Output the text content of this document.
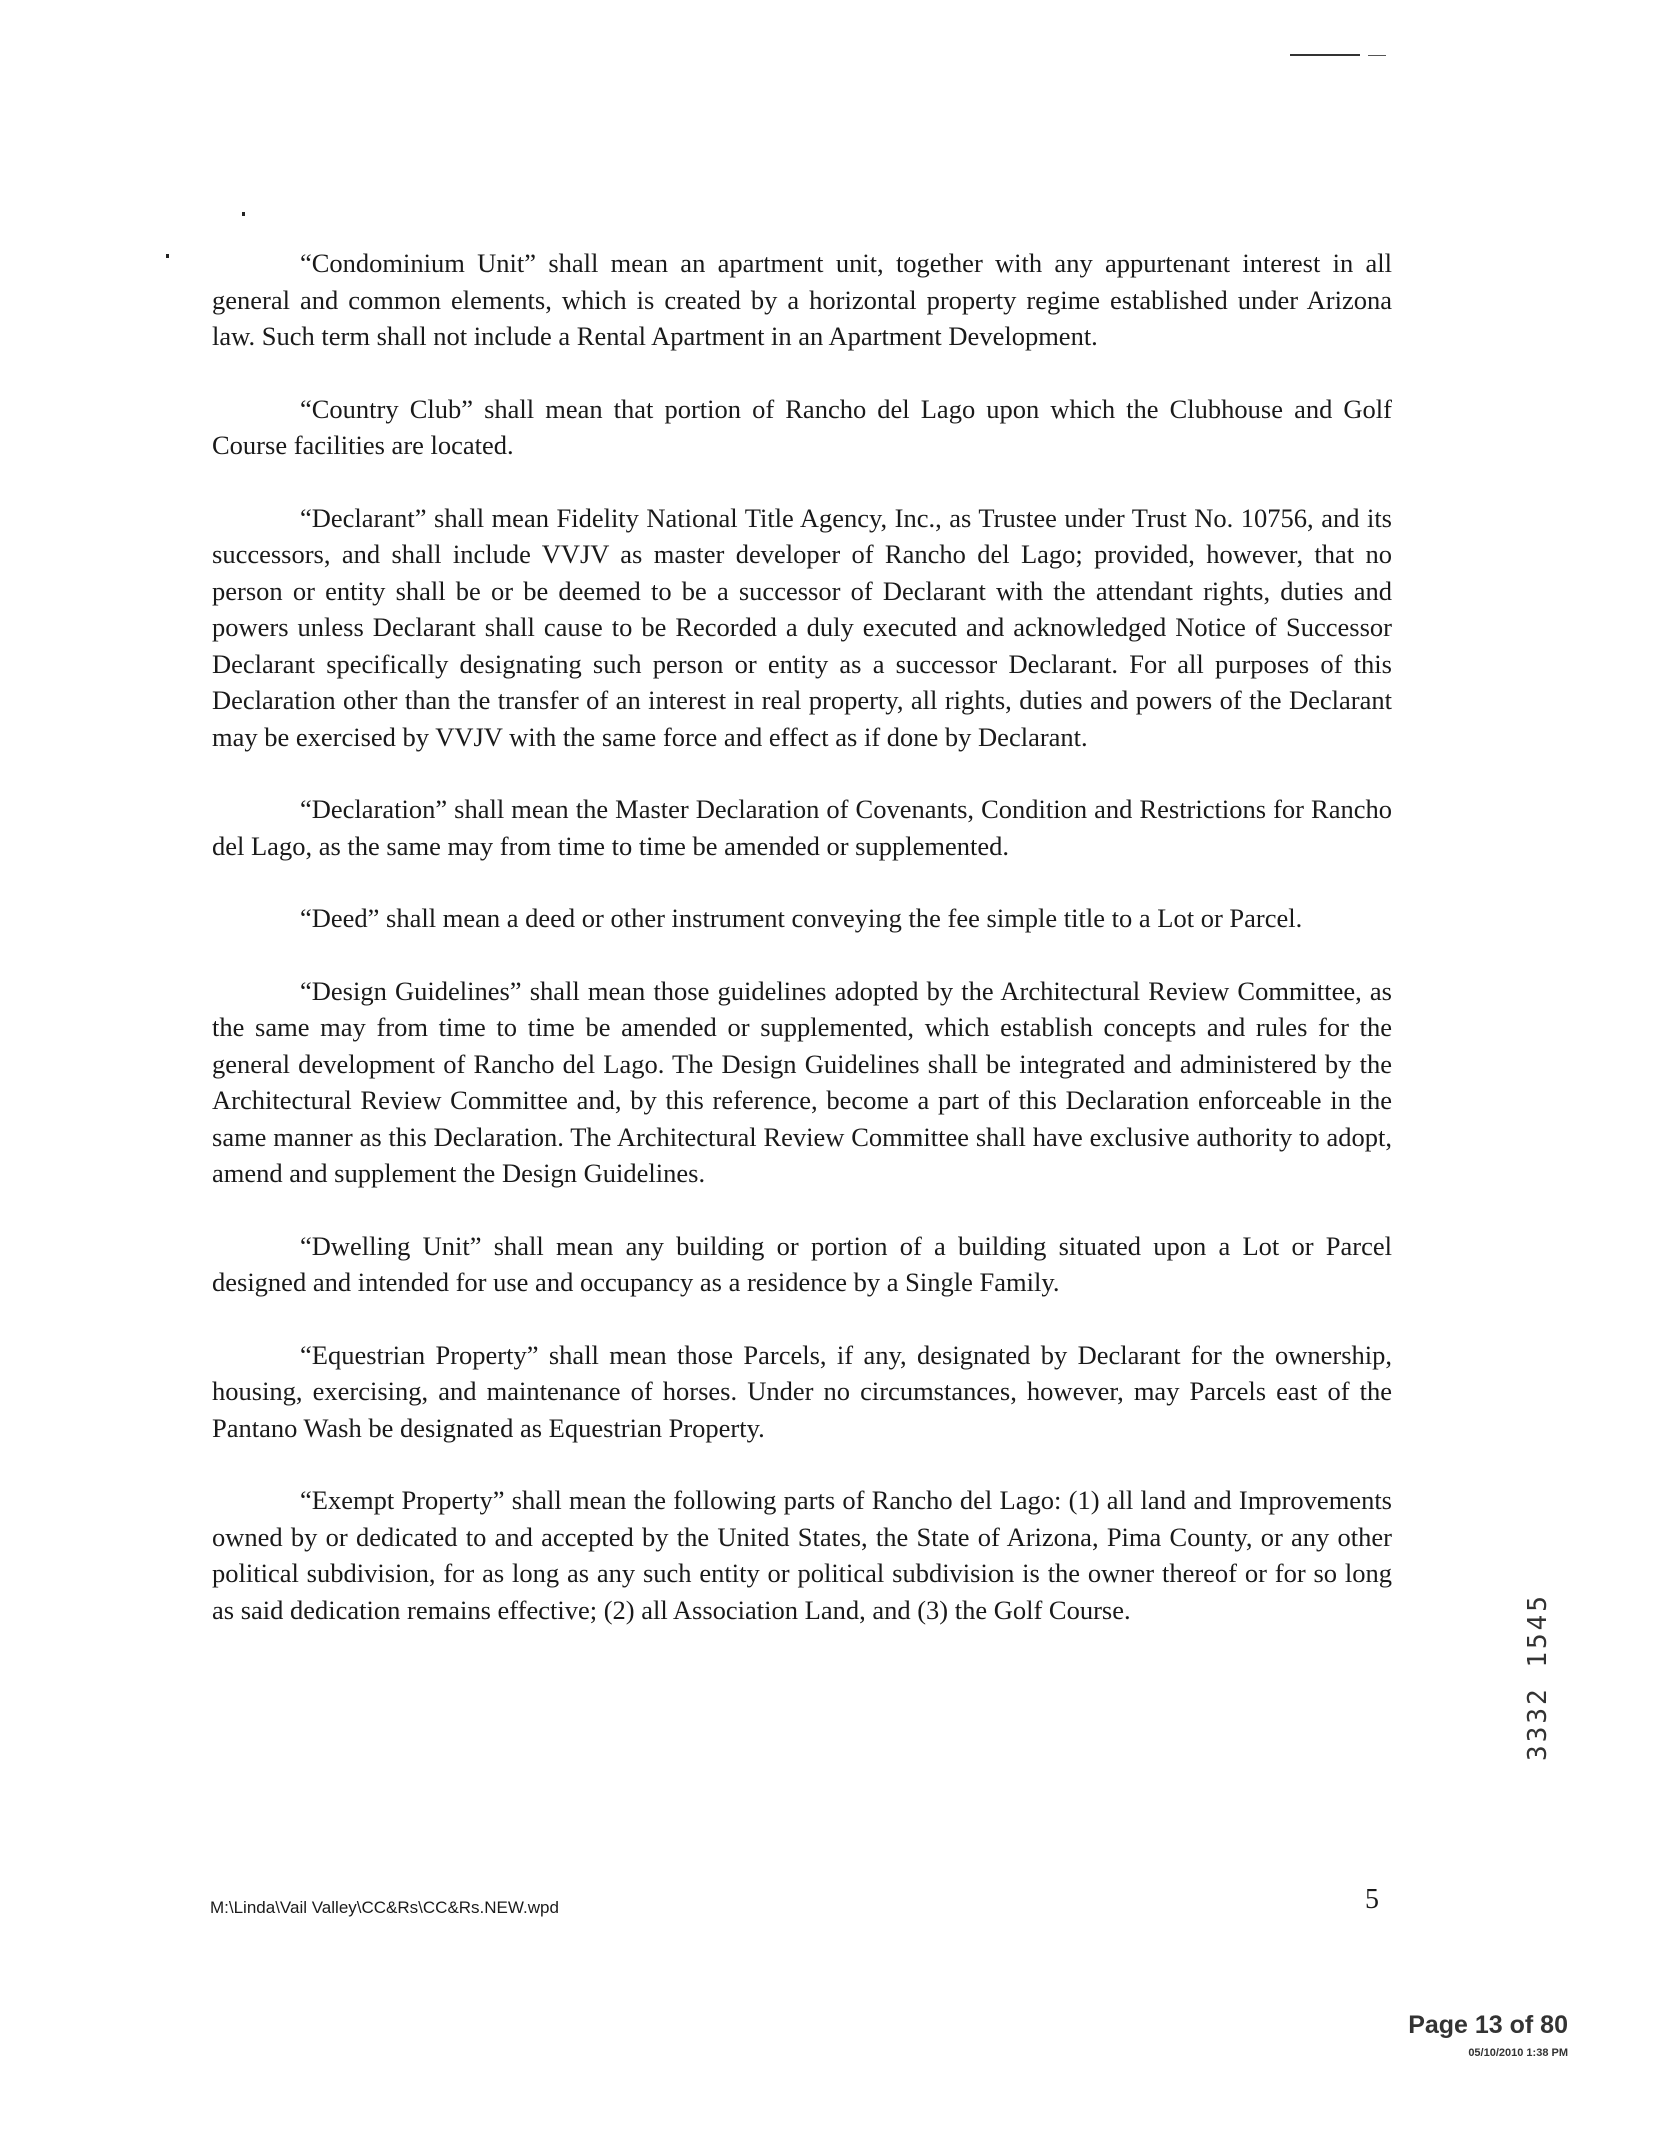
“Condominium Unit” shall mean an apartment unit, together with any appurtenant interest in all general and common elements, which is created by a horizontal property regime established under Arizona law. Such term shall not include a Rental Apartment in an Apartment Development.

“Country Club” shall mean that portion of Rancho del Lago upon which the Clubhouse and Golf Course facilities are located.

“Declarant” shall mean Fidelity National Title Agency, Inc., as Trustee under Trust No. 10756, and its successors, and shall include VVJV as master developer of Rancho del Lago; provided, however, that no person or entity shall be or be deemed to be a successor of Declarant with the attendant rights, duties and powers unless Declarant shall cause to be Recorded a duly executed and acknowledged Notice of Successor Declarant specifically designating such person or entity as a successor Declarant. For all purposes of this Declaration other than the transfer of an interest in real property, all rights, duties and powers of the Declarant may be exercised by VVJV with the same force and effect as if done by Declarant.

“Declaration” shall mean the Master Declaration of Covenants, Condition and Restrictions for Rancho del Lago, as the same may from time to time be amended or supplemented.

“Deed” shall mean a deed or other instrument conveying the fee simple title to a Lot or Parcel.

“Design Guidelines” shall mean those guidelines adopted by the Architectural Review Committee, as the same may from time to time be amended or supplemented, which establish concepts and rules for the general development of Rancho del Lago. The Design Guidelines shall be integrated and administered by the Architectural Review Committee and, by this reference, become a part of this Declaration enforceable in the same manner as this Declaration. The Architectural Review Committee shall have exclusive authority to adopt, amend and supplement the Design Guidelines.

“Dwelling Unit” shall mean any building or portion of a building situated upon a Lot or Parcel designed and intended for use and occupancy as a residence by a Single Family.

“Equestrian Property” shall mean those Parcels, if any, designated by Declarant for the ownership, housing, exercising, and maintenance of horses. Under no circumstances, however, may Parcels east of the Pantano Wash be designated as Equestrian Property.

“Exempt Property” shall mean the following parts of Rancho del Lago: (1) all land and Improvements owned by or dedicated to and accepted by the United States, the State of Arizona, Pima County, or any other political subdivision, for as long as any such entity or political subdivision is the owner thereof or for so long as said dedication remains effective; (2) all Association Land, and (3) the Golf Course.	3332 1545
M:\Linda\Vail Valley\CC&Rs\CC&Rs.NEW.wpd	5
Page 13 of 80
05/10/2010 1:38 PM
